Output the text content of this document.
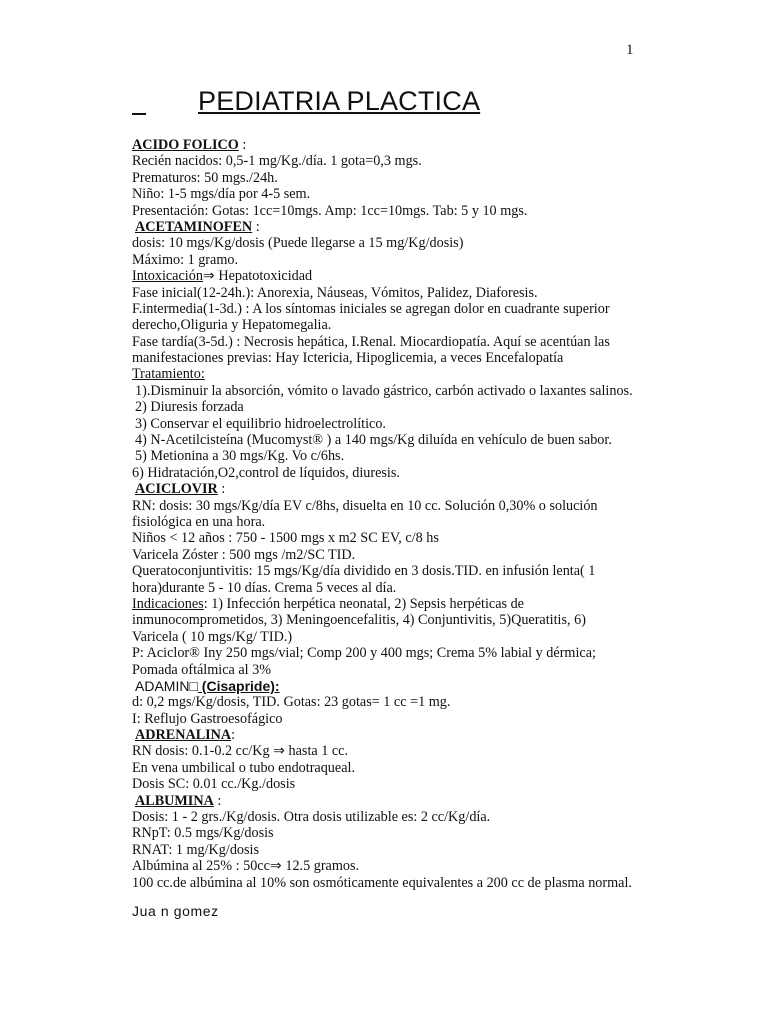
1
PEDIATRIA PLACTICA
ACIDO FOLICO :
Recién nacidos: 0,5-1 mg/Kg./día. 1 gota=0,3 mgs.
Prematuros: 50 mgs./24h.
Niño: 1-5 mgs/día por 4-5 sem.
Presentación: Gotas: 1cc=10mgs. Amp: 1cc=10mgs. Tab: 5 y 10 mgs.
ACETAMINOFEN :
dosis: 10 mgs/Kg/dosis (Puede llegarse a 15 mg/Kg/dosis)
Máximo: 1 gramo.
Intoxicación⇒ Hepatotoxicidad
Fase inicial(12-24h.): Anorexia, Náuseas, Vómitos, Palidez, Diaforesis.
F.intermedia(1-3d.) : A los síntomas iniciales se agregan dolor en cuadrante superior
derecho,Oliguria y Hepatomegalia.
Fase tardía(3-5d.) : Necrosis hepática, I.Renal. Miocardiopatía. Aquí se acentúan las
manifestaciones previas: Hay Ictericia, Hipoglicemia, a veces Encefalopatía
Tratamiento:
1).Disminuir la absorción, vómito o lavado gástrico, carbón activado o laxantes salinos.
2) Diuresis forzada
3) Conservar el equilibrio hidroelectrolítico.
4) N-Acetilcisteína (Mucomyst® ) a 140 mgs/Kg diluída en vehículo de buen sabor.
5) Metionina a 30 mgs/Kg. Vo c/6hs.
6) Hidratación,O2,control de líquidos, diuresis.
ACICLOVIR :
RN: dosis: 30 mgs/Kg/día EV c/8hs, disuelta en 10 cc. Solución 0,30% o solución
fisiológica en una hora.
Niños < 12 años : 750 - 1500 mgs x m2 SC EV, c/8 hs
Varicela Zóster : 500 mgs /m2/SC TID.
Queratoconjuntivitis: 15 mgs/Kg/día dividido en 3 dosis.TID. en infusión lenta( 1
hora)durante 5 - 10 días. Crema 5 veces al día.
Indicaciones: 1) Infección herpética neonatal, 2) Sepsis herpéticas de
inmunocomprometidos, 3) Meningoencefalitis, 4) Conjuntivitis, 5)Queratitis, 6)
Varicela ( 10 mgs/Kg/ TID.)
P: Aciclor® Iny 250 mgs/vial; Comp 200 y 400 mgs; Crema 5% labial y dérmica;
Pomada oftálmica al 3%
ADAMIN□ (Cisapride):
d: 0,2 mgs/Kg/dosis, TID. Gotas: 23 gotas= 1 cc =1 mg.
I: Reflujo Gastroesofágico
ADRENALINA:
RN dosis: 0.1-0.2 cc/Kg ⇒ hasta 1 cc.
En vena umbilical o tubo endotraqueal.
Dosis SC: 0.01 cc./Kg./dosis
ALBUMINA :
Dosis: 1 - 2 grs./Kg/dosis. Otra dosis utilizable es: 2 cc/Kg/día.
RNpT: 0.5 mgs/Kg/dosis
RNAT: 1 mg/Kg/dosis
Albúmina al 25% : 50cc⇒ 12.5 gramos.
100 cc.de albúmina al 10% son osmóticamente equivalentes a 200 cc de plasma normal.
Jua n gomez
